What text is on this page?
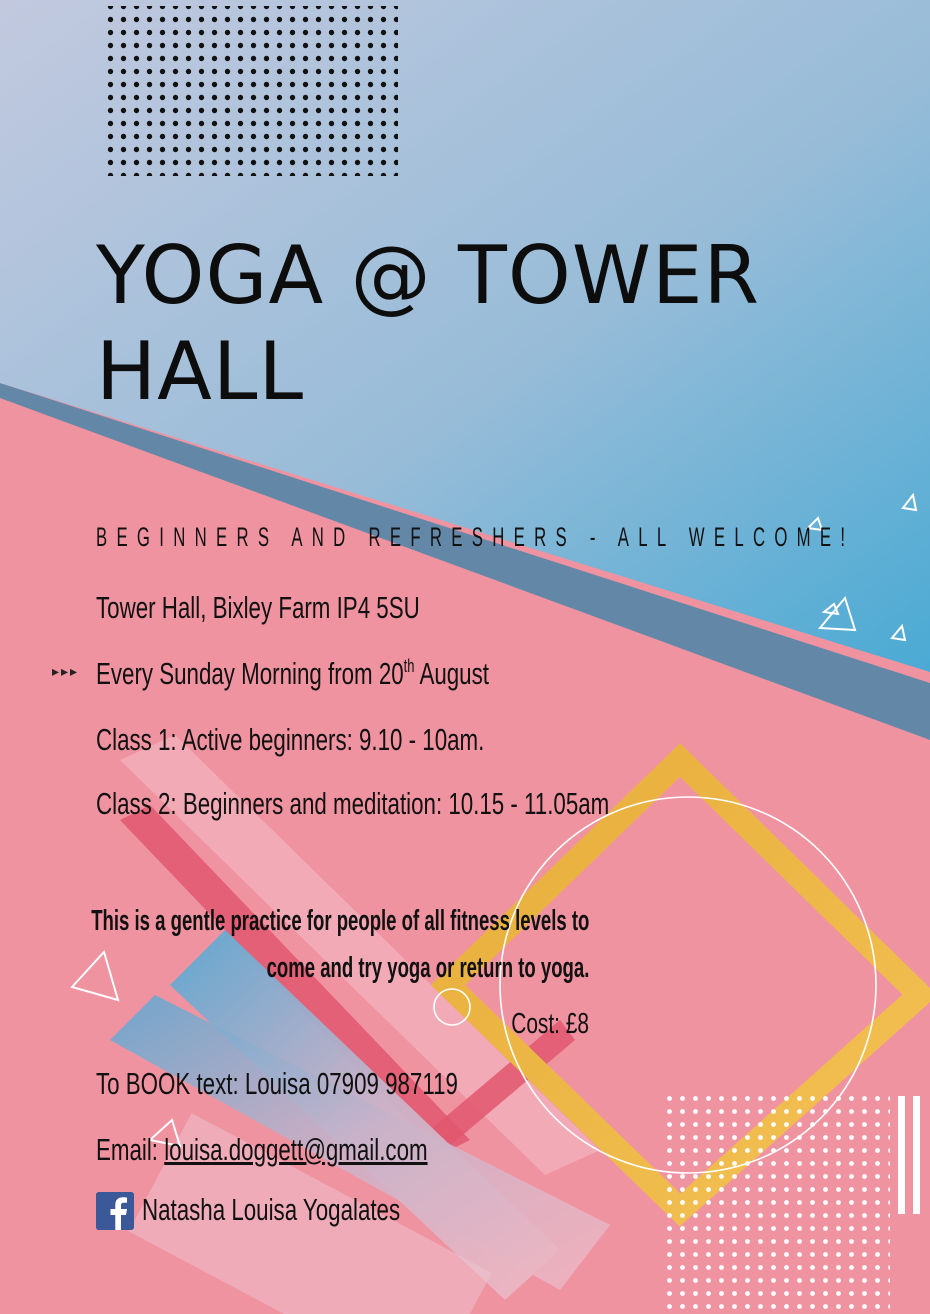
YOGA @ TOWER
HALL
BEGINNERS AND REFRESHERS - ALL WELCOME!
Tower Hall, Bixley Farm IP4 5SU
▸▸▸ Every Sunday Morning from 20th August
Class 1: Active beginners: 9.10 - 10am.
Class 2: Beginners and meditation: 10.15 - 11.05am
This is a gentle practice for people of all fitness levels to
come and try yoga or return to yoga.
Cost: £8
To BOOK text: Louisa 07909 987119
Email: louisa.doggett@gmail.com
Natasha Louisa Yogalates
